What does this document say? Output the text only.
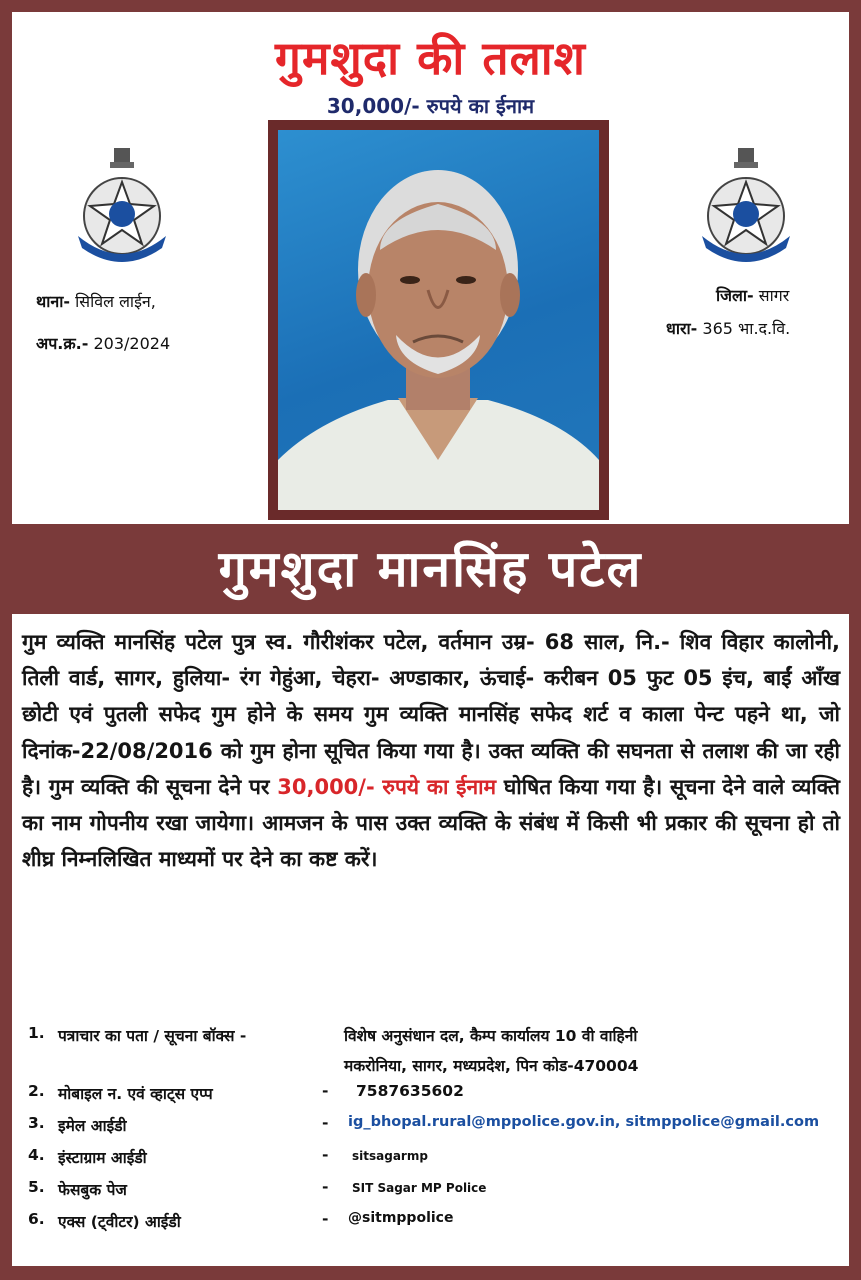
गुमशुदा की तलाश
30,000/- रुपये का ईनाम
थाना- सिविल लाईन,
अप.क्र.- 203/2024
जिला- सागर
धारा- 365 भा.द.वि.
गुमशुदा मानसिंह पटेल
गुम व्यक्ति मानसिंह पटेल पुत्र स्व. गौरीशंकर पटेल, वर्तमान उम्र- 68 साल, नि.- शिव विहार कालोनी, तिली वार्ड, सागर, हुलिया- रंग गेहुंआ, चेहरा- अण्डाकार, ऊंचाई- करीबन 05 फुट 05 इंच, बाईं आँख छोटी एवं पुतली सफेद गुम होने के समय गुम व्यक्ति मानसिंह सफेद शर्ट व काला पेन्ट पहने था, जो दिनांक-22/08/2016 को गुम होना सूचित किया गया है। उक्त व्यक्ति की सघनता से तलाश की जा रही है। गुम व्यक्ति की सूचना देने पर 30,000/- रुपये का ईनाम घोषित किया गया है। सूचना देने वाले व्यक्ति का नाम गोपनीय रखा जायेगा। आमजन के पास उक्त व्यक्ति के संबंध में किसी भी प्रकार की सूचना हो तो शीघ्र निम्नलिखित माध्यमों पर देने का कष्ट करें।
1. पत्राचार का पता / सूचना बॉक्स -	विशेष अनुसंधान दल, कैम्प कार्यालय 10 वी वाहिनी
मकरोनिया, सागर, मध्यप्रदेश, पिन कोड-470004
2. मोबाइल न. एवं व्हाट्स एप्प	- 7587635602
3. इमेल आईडी	- ig_bhopal.rural@mppolice.gov.in, sitmppolice@gmail.com
4. इंस्टाग्राम आईडी	- sitsagarmp
5. फेसबुक पेज	- SIT Sagar MP Police
6. एक्स (ट्वीटर) आईडी	- @sitmppolice
